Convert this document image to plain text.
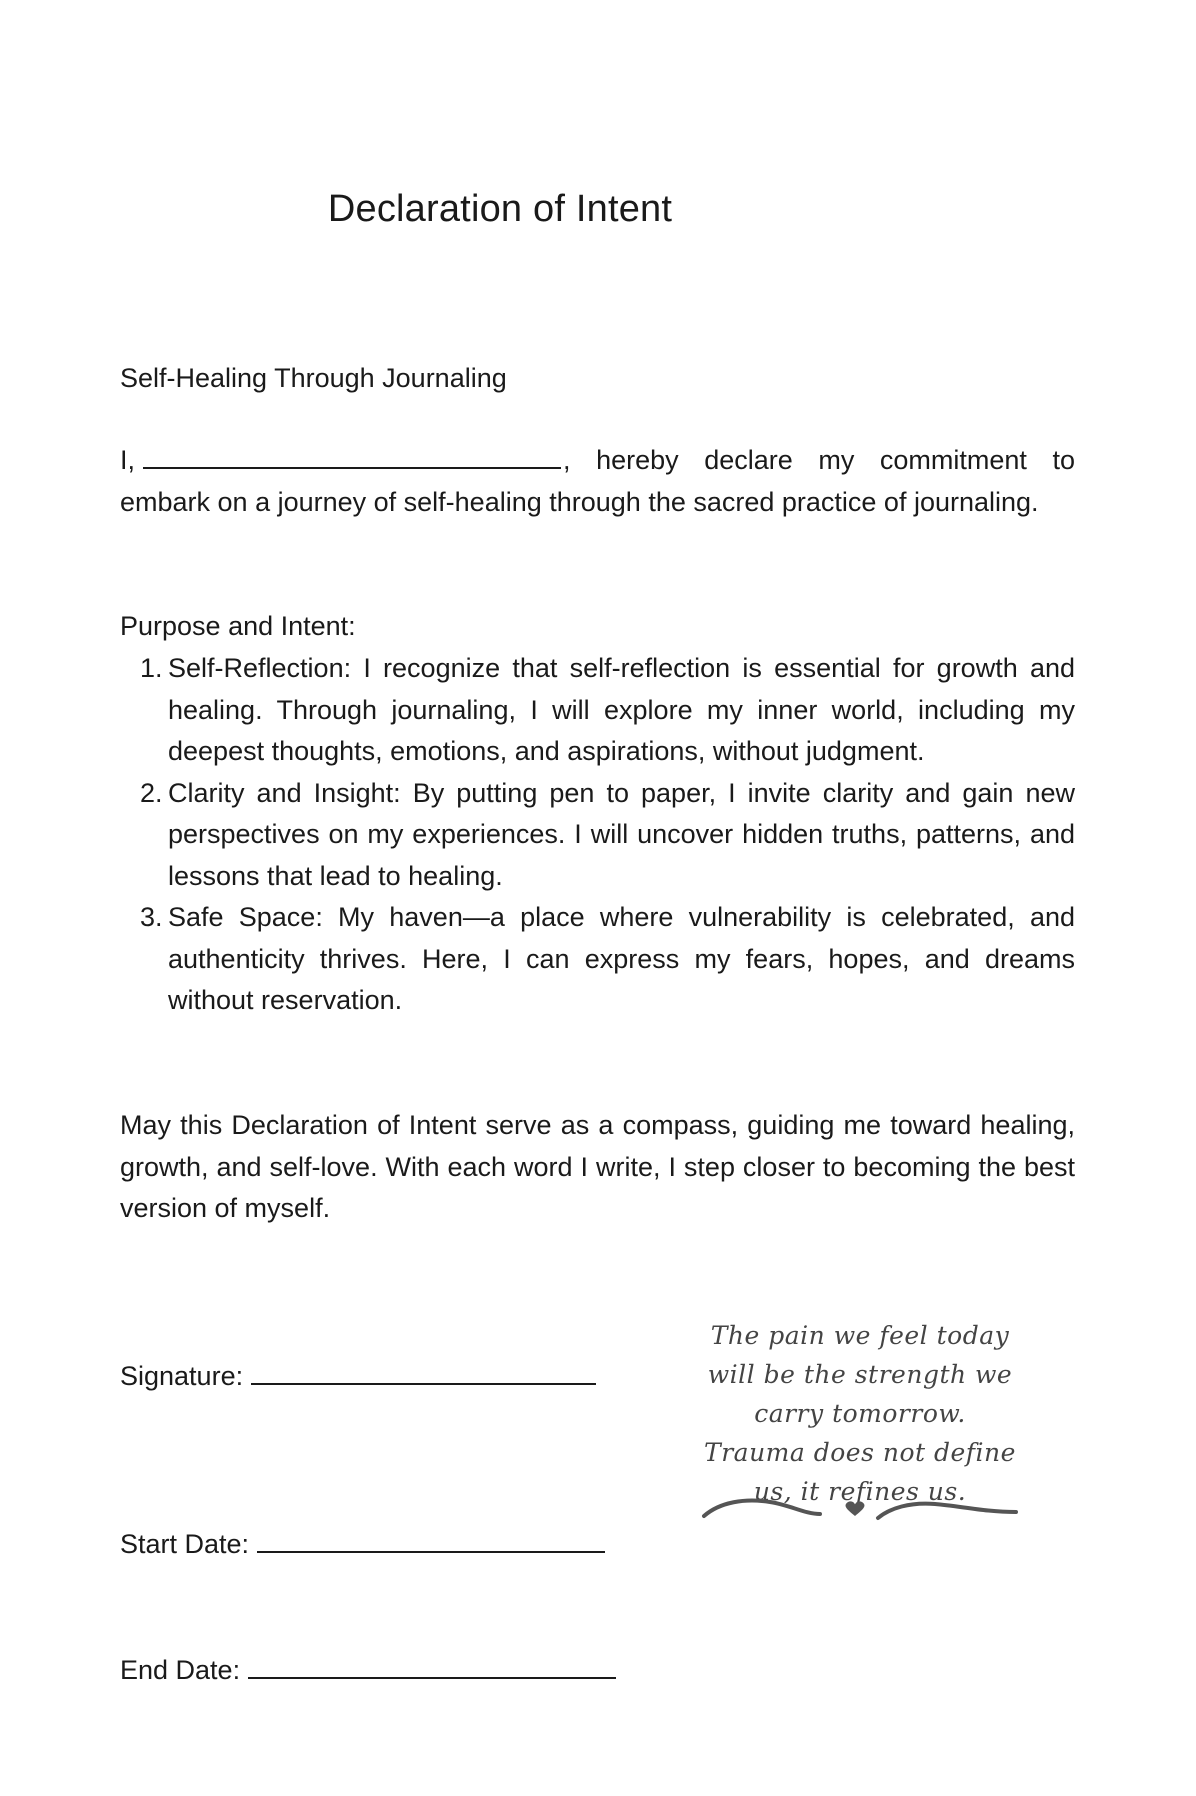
Declaration of Intent
Self-Healing Through Journaling
I,	, hereby declare my commitment to embark on a journey of self-healing through the sacred practice of journaling.
Purpose and Intent:
1. Self-Reflection: I recognize that self-reflection is essential for growth and healing. Through journaling, I will explore my inner world, including my deepest thoughts, emotions, and aspirations, without judgment.
2. Clarity and Insight: By putting pen to paper, I invite clarity and gain new perspectives on my experiences. I will uncover hidden truths, patterns, and lessons that lead to healing.
3. Safe Space: My haven—a place where vulnerability is celebrated, and authenticity thrives. Here, I can express my fears, hopes, and dreams without reservation.
May this Declaration of Intent serve as a compass, guiding me toward healing, growth, and self-love. With each word I write, I step closer to becoming the best version of myself.
Signature:
Start Date:
End Date:
The pain we feel today will be the strength we carry tomorrow. Trauma does not define us, it refines us.
